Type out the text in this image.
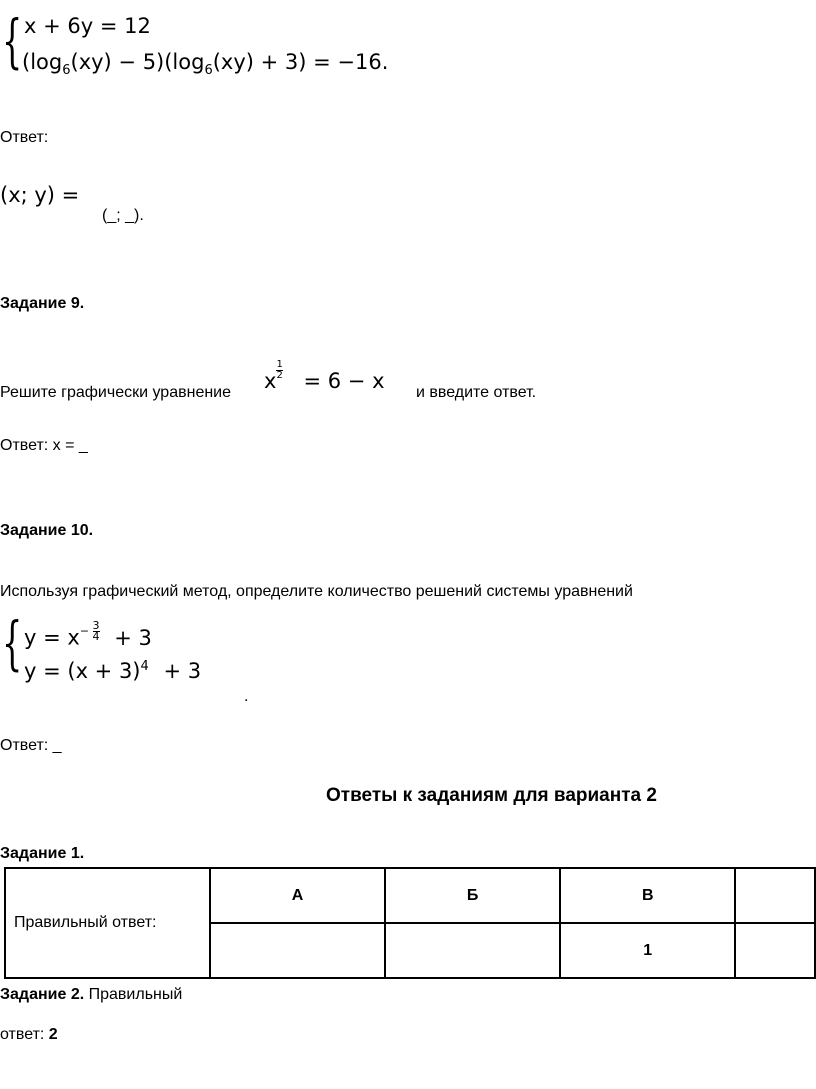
{ x + 6y = 12
$(\log_6(xy) - 5)(\log_6(xy) + 3) = -16$.
Ответ:
(x; y) =
(_; _).
Задание 9.
Решите графически уравнение x $\frac{1}{2} = 6 - x$ и введите ответ.
Ответ: x = _
Задание 10.
Используя графический метод, определите количество решений системы уравнений
{ $y = x- \frac{3}{4} + 3$
$y = (x + 3)^4 + 3$
.
Ответ: _
Ответы к заданиям для варианта 2
Задание 1.
Правильный ответ:	А	Б	В	
			1	
Задание 2. Правильный
ответ: 2
